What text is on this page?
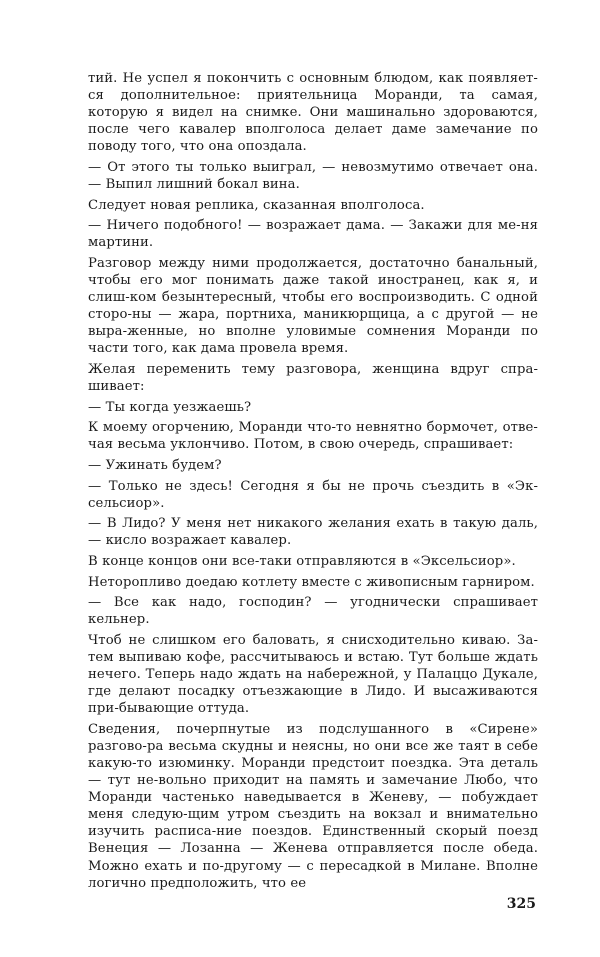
тий. Не успел я покончить с основным блюдом, как появляет-ся дополнительное: приятельница Моранди, та самая, которую я видел на снимке. Они машинально здороваются, после чего кавалер вполголоса делает даме замечание по поводу того, что она опоздала.

— От этого ты только выиграл, — невозмутимо отвечает она. — Выпил лишний бокал вина.

Следует новая реплика, сказанная вполголоса.

— Ничего подобного! — возражает дама. — Закажи для ме-ня мартини.

Разговор между ними продолжается, достаточно банальный, чтобы его мог понимать даже такой иностранец, как я, и слиш-ком безынтересный, чтобы его воспроизводить. С одной сторо-ны — жара, портниха, маникюрщица, а с другой — не выра-женные, но вполне уловимые сомнения Моранди по части того, как дама провела время.

Желая переменить тему разговора, женщина вдруг спра-шивает:

— Ты когда уезжаешь?

К моему огорчению, Моранди что-то невнятно бормочет, отве-чая весьма уклончиво. Потом, в свою очередь, спрашивает:

— Ужинать будем?

— Только не здесь! Сегодня я бы не прочь съездить в «Эк-сельсиор».

— В Лидо? У меня нет никакого желания ехать в такую даль, — кисло возражает кавалер.

В конце концов они все-таки отправляются в «Эксельсиор».

Неторопливо доедаю котлету вместе с живописным гарниром.

— Все как надо, господин? — угоднически спрашивает кельнер.

Чтоб не слишком его баловать, я снисходительно киваю. За-тем выпиваю кофе, рассчитываюсь и встаю. Тут больше ждать нечего. Теперь надо ждать на набережной, у Палаццо Дукале, где делают посадку отъезжающие в Лидо. И высаживаются при-бывающие оттуда.

Сведения, почерпнутые из подслушанного в «Сирене» разгово-ра весьма скудны и неясны, но они все же таят в себе какую-то изюминку. Моранди предстоит поездка. Эта деталь — тут не-вольно приходит на память и замечание Любо, что Моранди частенько наведывается в Женеву, — побуждает меня следую-щим утром съездить на вокзал и внимательно изучить расписа-ние поездов. Единственный скорый поезд Венеция — Лозанна — Женева отправляется после обеда. Можно ехать и по-другому — с пересадкой в Милане. Вполне логично предположить, что ее

325
